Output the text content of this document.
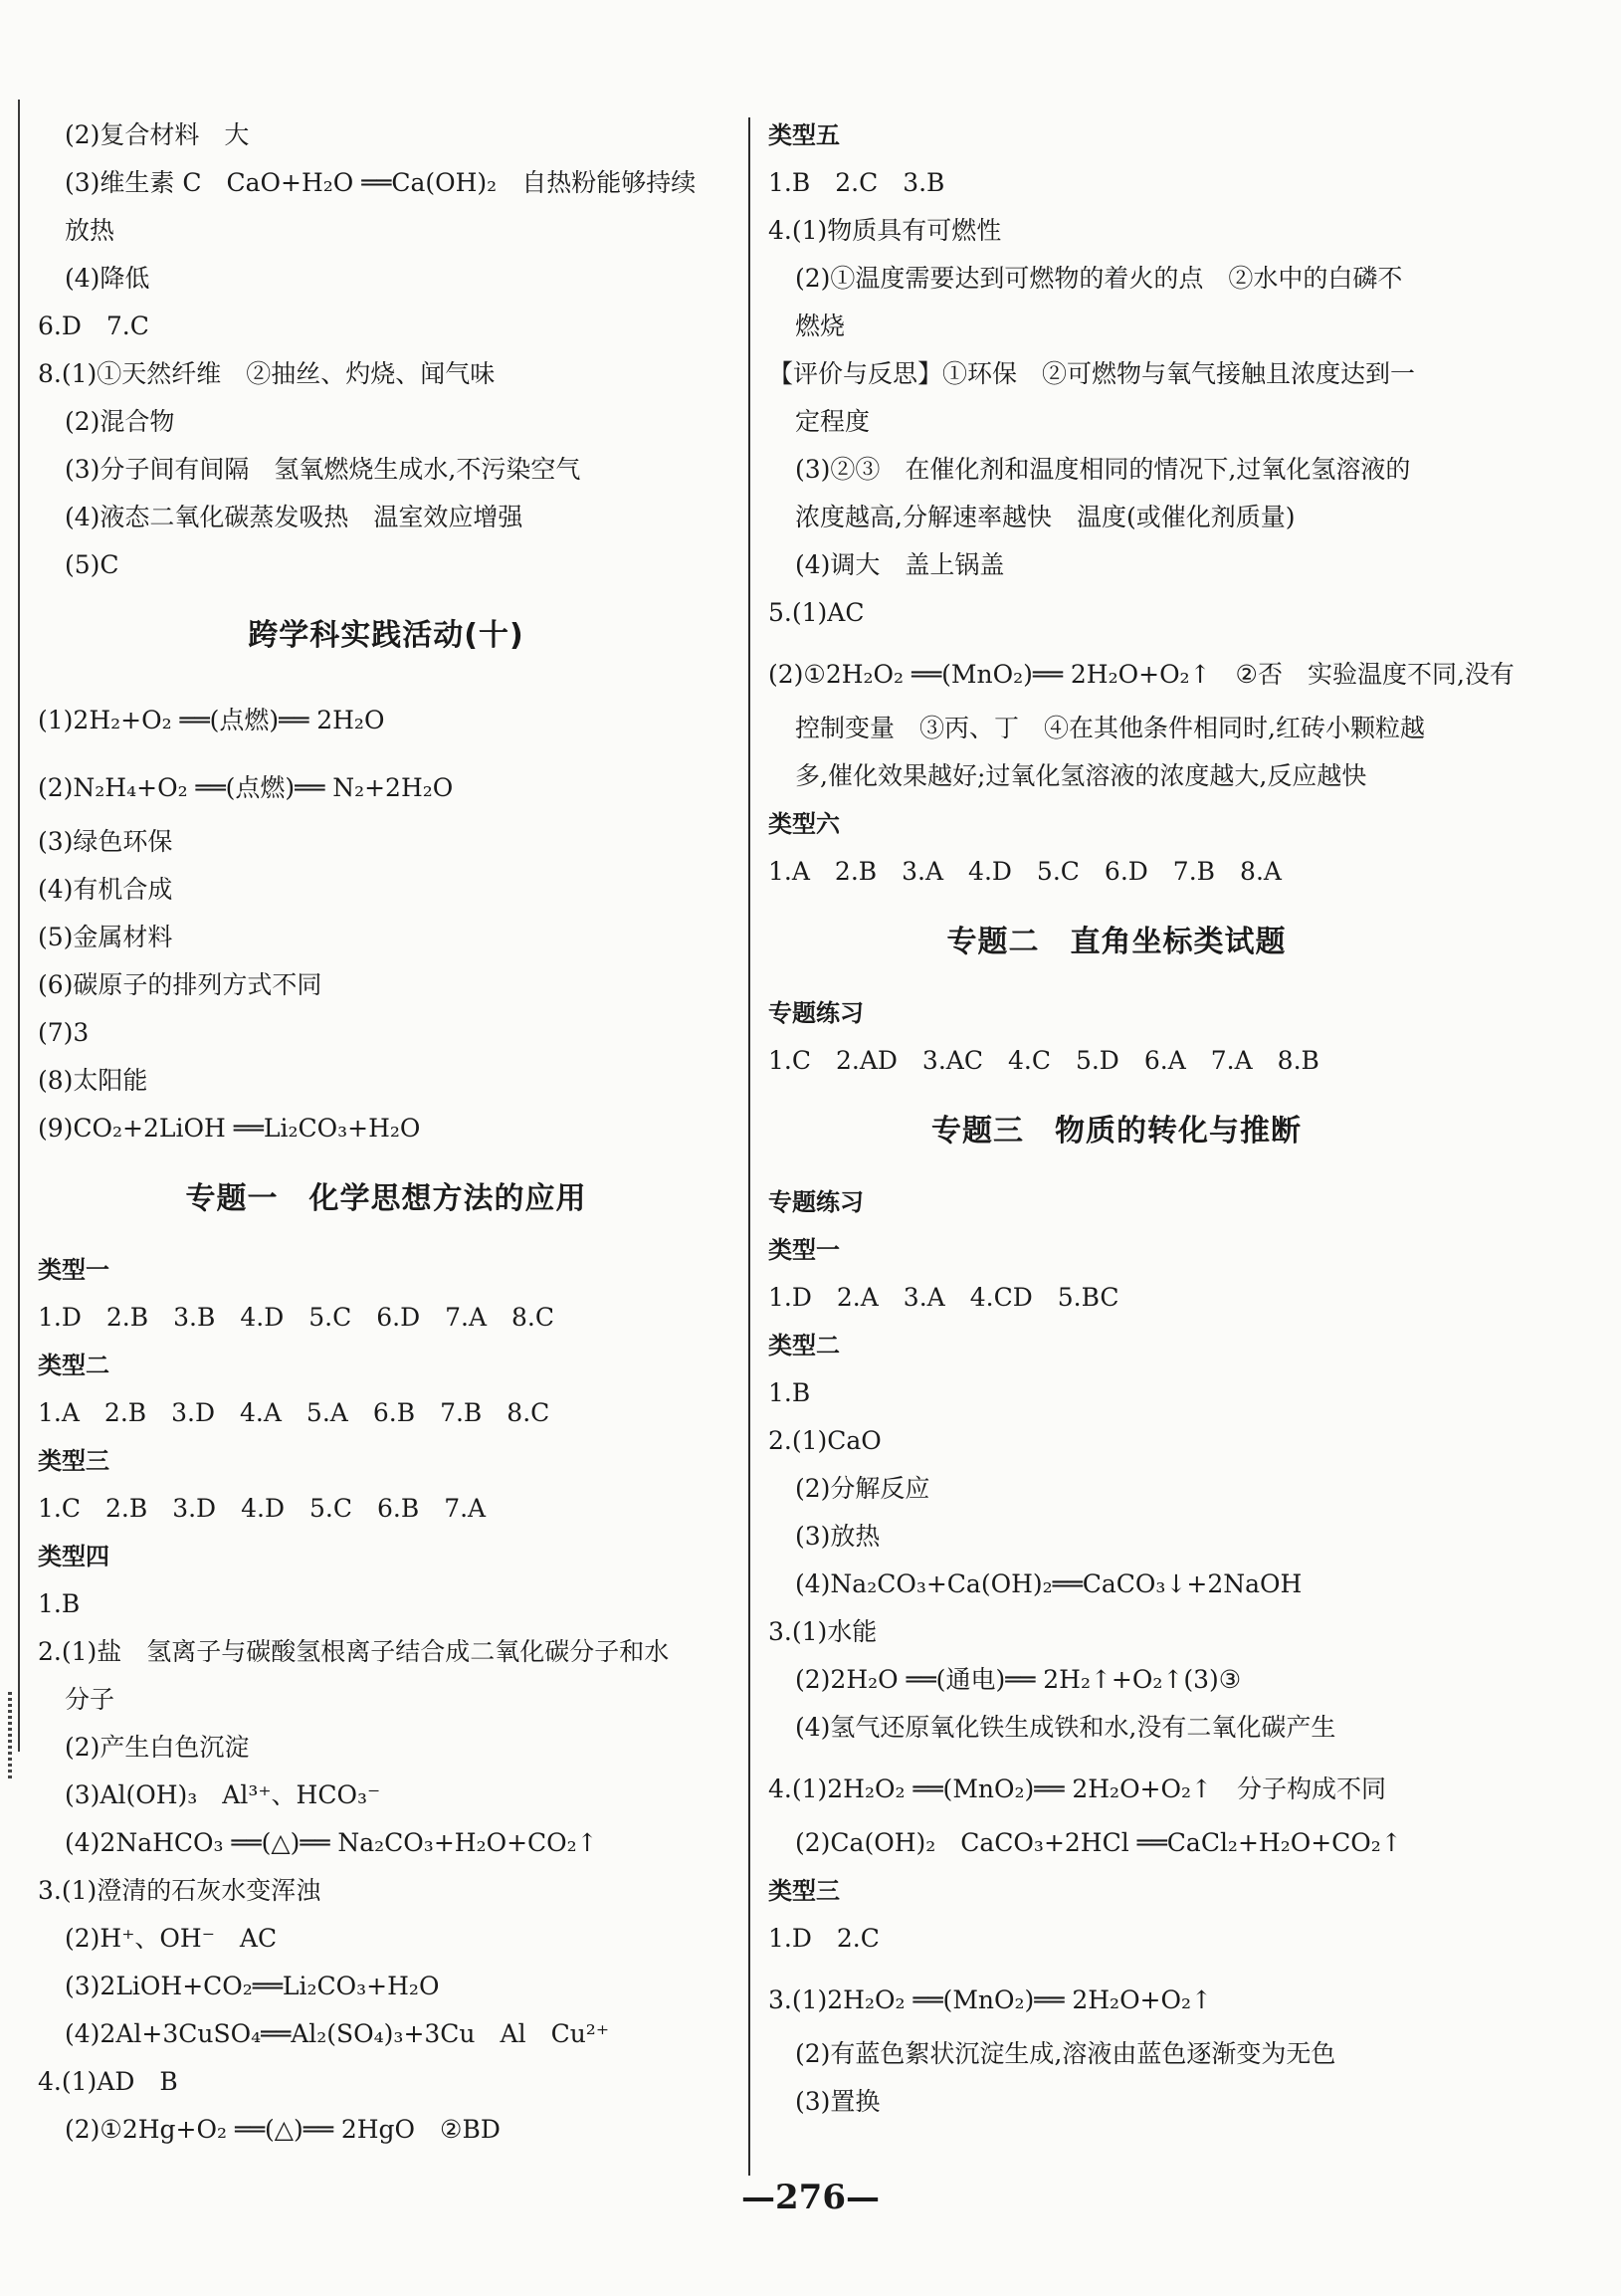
(2)复合材料　大
(3)维生素 C　CaO+H₂O ══Ca(OH)₂　自热粉能够持续
放热
(4)降低
6.D　7.C
8.(1)①天然纤维　②抽丝、灼烧、闻气味
(2)混合物
(3)分子间有间隔　氢氧燃烧生成水,不污染空气
(4)液态二氧化碳蒸发吸热　温室效应增强
(5)C
跨学科实践活动(十)
(1)2H₂+O₂ ══(点燃)══ 2H₂O
(2)N₂H₄+O₂ ══(点燃)══ N₂+2H₂O
(3)绿色环保
(4)有机合成
(5)金属材料
(6)碳原子的排列方式不同
(7)3
(8)太阳能
(9)CO₂+2LiOH ══Li₂CO₃+H₂O
专题一　化学思想方法的应用
类型一
1.D　2.B　3.B　4.D　5.C　6.D　7.A　8.C
类型二
1.A　2.B　3.D　4.A　5.A　6.B　7.B　8.C
类型三
1.C　2.B　3.D　4.D　5.C　6.B　7.A
类型四
1.B
2.(1)盐　氢离子与碳酸氢根离子结合成二氧化碳分子和水
分子
(2)产生白色沉淀
(3)Al(OH)₃　Al³⁺、HCO₃⁻
(4)2NaHCO₃ ══(△)══ Na₂CO₃+H₂O+CO₂↑
3.(1)澄清的石灰水变浑浊
(2)H⁺、OH⁻　AC
(3)2LiOH+CO₂══Li₂CO₃+H₂O
(4)2Al+3CuSO₄══Al₂(SO₄)₃+3Cu　Al　Cu²⁺
4.(1)AD　B
(2)①2Hg+O₂ ══(△)══ 2HgO　②BD
类型五
1.B　2.C　3.B
4.(1)物质具有可燃性
(2)①温度需要达到可燃物的着火的点　②水中的白磷不
燃烧
【评价与反思】①环保　②可燃物与氧气接触且浓度达到一
定程度
(3)②③　在催化剂和温度相同的情况下,过氧化氢溶液的
浓度越高,分解速率越快　温度(或催化剂质量)
(4)调大　盖上锅盖
5.(1)AC
(2)①2H₂O₂ ══(MnO₂)══ 2H₂O+O₂↑　②否　实验温度不同,没有
控制变量　③丙、丁　④在其他条件相同时,红砖小颗粒越
多,催化效果越好;过氧化氢溶液的浓度越大,反应越快
类型六
1.A　2.B　3.A　4.D　5.C　6.D　7.B　8.A
专题二　直角坐标类试题
专题练习
1.C　2.AD　3.AC　4.C　5.D　6.A　7.A　8.B
专题三　物质的转化与推断
专题练习
类型一
1.D　2.A　3.A　4.CD　5.BC
类型二
1.B
2.(1)CaO
(2)分解反应
(3)放热
(4)Na₂CO₃+Ca(OH)₂══CaCO₃↓+2NaOH
3.(1)水能
(2)2H₂O ══(通电)══ 2H₂↑+O₂↑(3)③
(4)氢气还原氧化铁生成铁和水,没有二氧化碳产生
4.(1)2H₂O₂ ══(MnO₂)══ 2H₂O+O₂↑　分子构成不同
(2)Ca(OH)₂　CaCO₃+2HCl ══CaCl₂+H₂O+CO₂↑
类型三
1.D　2.C
3.(1)2H₂O₂ ══(MnO₂)══ 2H₂O+O₂↑
(2)有蓝色絮状沉淀生成,溶液由蓝色逐渐变为无色
(3)置换
—276—
